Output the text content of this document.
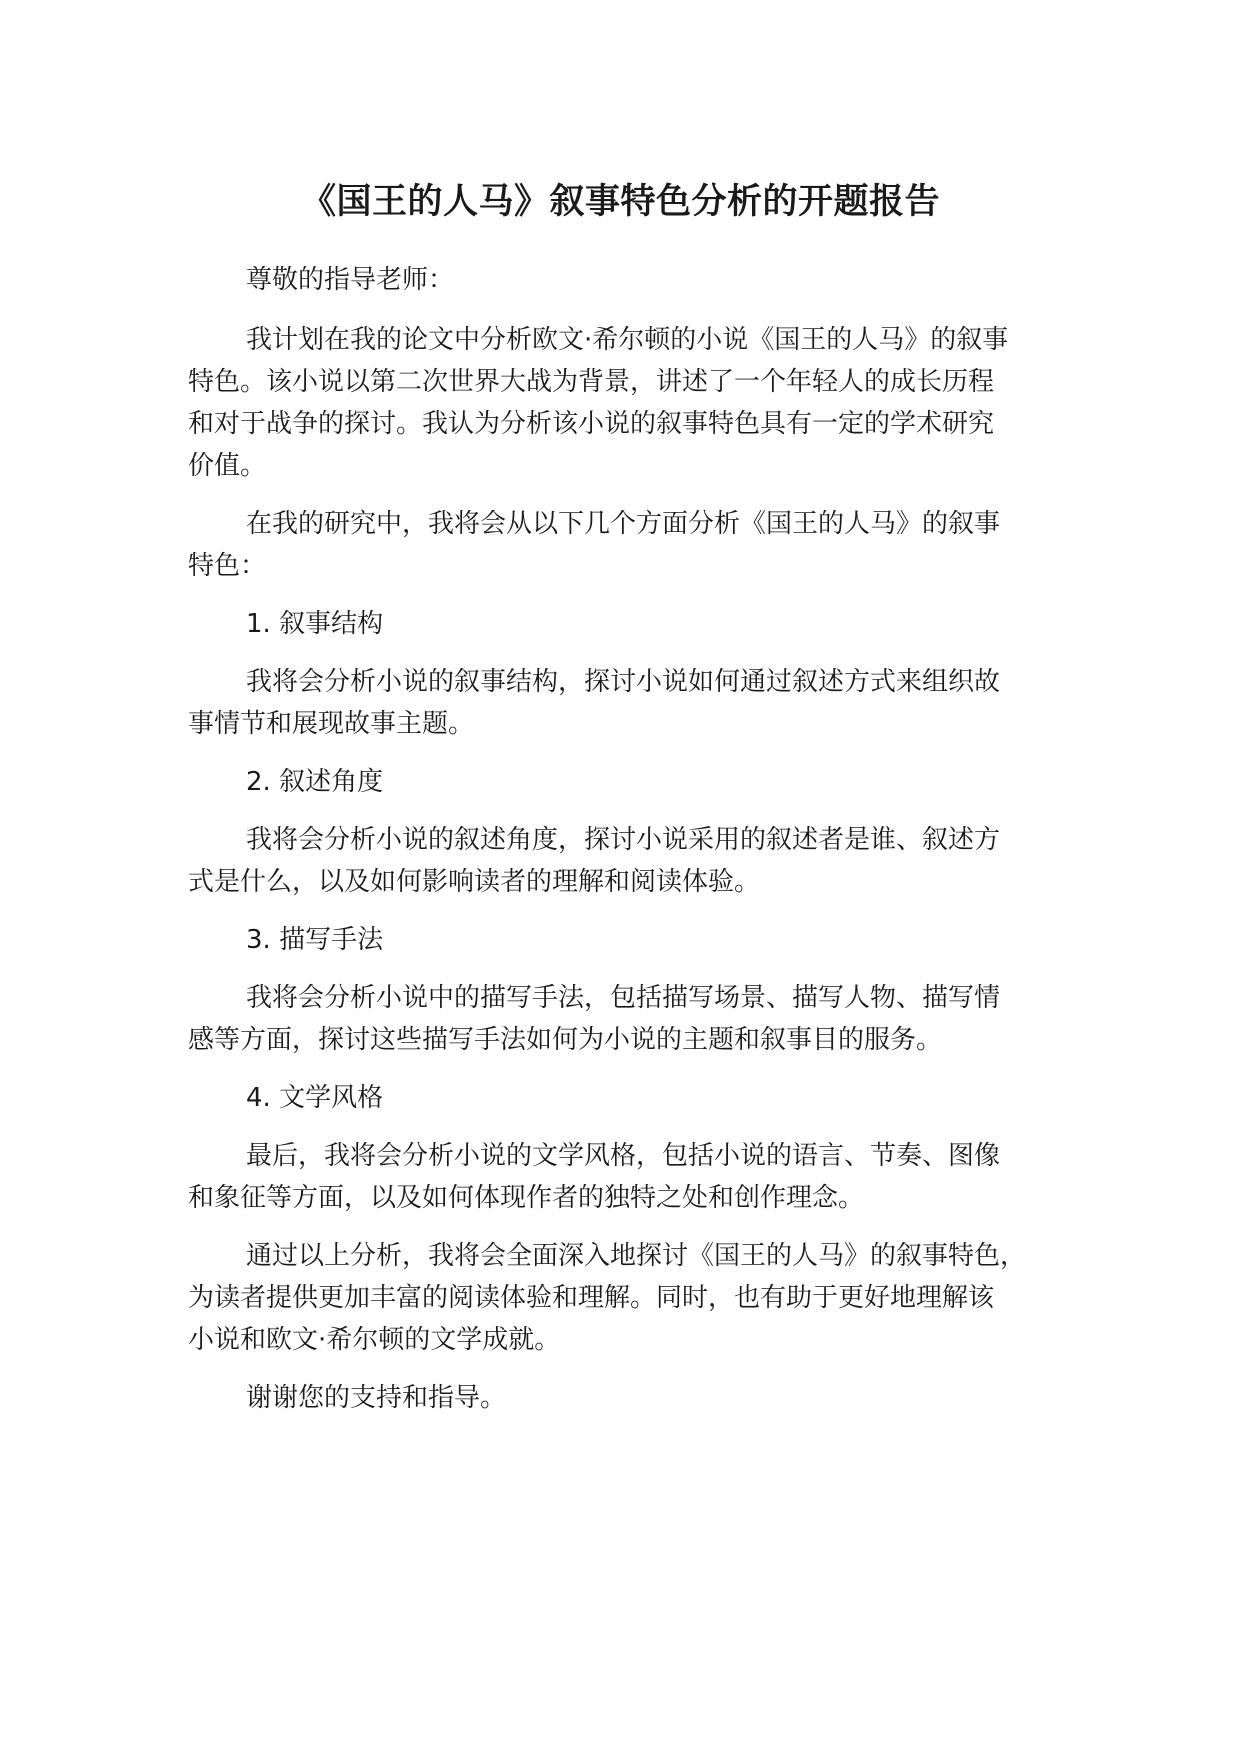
《国王的人马》叙事特色分析的开题报告

尊敬的指导老师：

我计划在我的论文中分析欧文·希尔顿的小说《国王的人马》的叙事

特色。该小说以第二次世界大战为背景，讲述了一个年轻人的成长历程

和对于战争的探讨。我认为分析该小说的叙事特色具有一定的学术研究

价值。

在我的研究中，我将会从以下几个方面分析《国王的人马》的叙事

特色：

1. 叙事结构

我将会分析小说的叙事结构，探讨小说如何通过叙述方式来组织故

事情节和展现故事主题。

2. 叙述角度

我将会分析小说的叙述角度，探讨小说采用的叙述者是谁、叙述方

式是什么，以及如何影响读者的理解和阅读体验。

3. 描写手法

我将会分析小说中的描写手法，包括描写场景、描写人物、描写情

感等方面，探讨这些描写手法如何为小说的主题和叙事目的服务。

4. 文学风格

最后，我将会分析小说的文学风格，包括小说的语言、节奏、图像

和象征等方面，以及如何体现作者的独特之处和创作理念。

通过以上分析，我将会全面深入地探讨《国王的人马》的叙事特色，

为读者提供更加丰富的阅读体验和理解。同时，也有助于更好地理解该

小说和欧文·希尔顿的文学成就。

谢谢您的支持和指导。
